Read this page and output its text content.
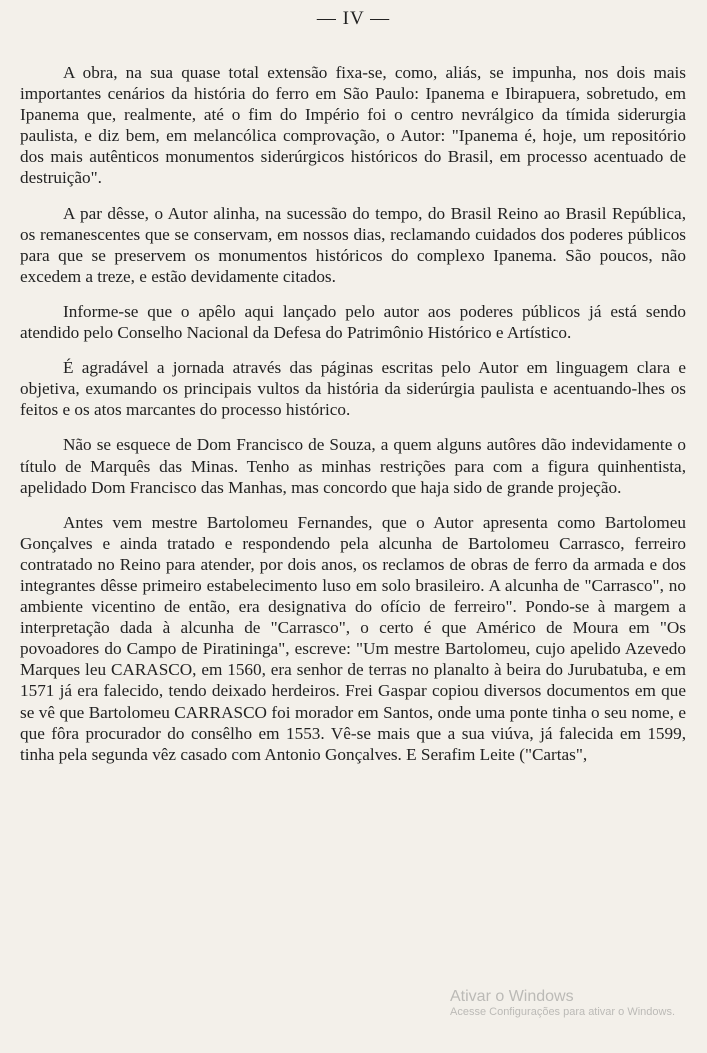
— IV —

A obra, na sua quase total extensão fixa-se, como, aliás, se impunha, nos dois mais importantes cenários da história do ferro em São Paulo: Ipanema e Ibirapuera, sobretudo, em Ipanema que, realmente, até o fim do Império foi o centro nevrálgico da tímida siderurgia paulista, e diz bem, em melancólica comprovação, o Autor: "Ipanema é, hoje, um repositório dos mais autênticos monumentos siderúrgicos históricos do Brasil, em processo acentuado de destruição".

A par dêsse, o Autor alinha, na sucessão do tempo, do Brasil Reino ao Brasil República, os remanescentes que se conservam, em nossos dias, reclamando cuidados dos poderes públicos para que se preservem os monumentos históricos do complexo Ipanema. São poucos, não excedem a treze, e estão devidamente citados.

Informe-se que o apêlo aqui lançado pelo autor aos poderes públicos já está sendo atendido pelo Conselho Nacional da Defesa do Patrimônio Histórico e Artístico.

É agradável a jornada através das páginas escritas pelo Autor em linguagem clara e objetiva, exumando os principais vultos da história da siderúrgia paulista e acentuando-lhes os feitos e os atos marcantes do processo histórico.

Não se esquece de Dom Francisco de Souza, a quem alguns autôres dão indevidamente o título de Marquês das Minas. Tenho as minhas restrições para com a figura quinhentista, apelidado Dom Francisco das Manhas, mas concordo que haja sido de grande projeção.

Antes vem mestre Bartolomeu Fernandes, que o Autor apresenta como Bartolomeu Gonçalves e ainda tratado e respondendo pela alcunha de Bartolomeu Carrasco, ferreiro contratado no Reino para atender, por dois anos, os reclamos de obras de ferro da armada e dos integrantes dêsse primeiro estabelecimento luso em solo brasileiro. A alcunha de "Carrasco", no ambiente vicentino de então, era designativa do ofício de ferreiro". Pondo-se à margem a interpretação dada à alcunha de "Carrasco", o certo é que Américo de Moura em "Os povoadores do Campo de Piratininga", escreve: "Um mestre Bartolomeu, cujo apelido Azevedo Marques leu CARASCO, em 1560, era senhor de terras no planalto à beira do Jurubatuba, e em 1571 já era falecido, tendo deixado herdeiros. Frei Gaspar copiou diversos documentos em que se vê que Bartolomeu CARRASCO foi morador em Santos, onde uma ponte tinha o seu nome, e que fôra procurador do consêlho em 1553. Vê-se mais que a sua viúva, já falecida em 1599, tinha pela segunda vêz casado com Antonio Gonçalves. E Serafim Leite ("Cartas",

Ativar o Windows
Acesse Configurações para ativar o Windows.
